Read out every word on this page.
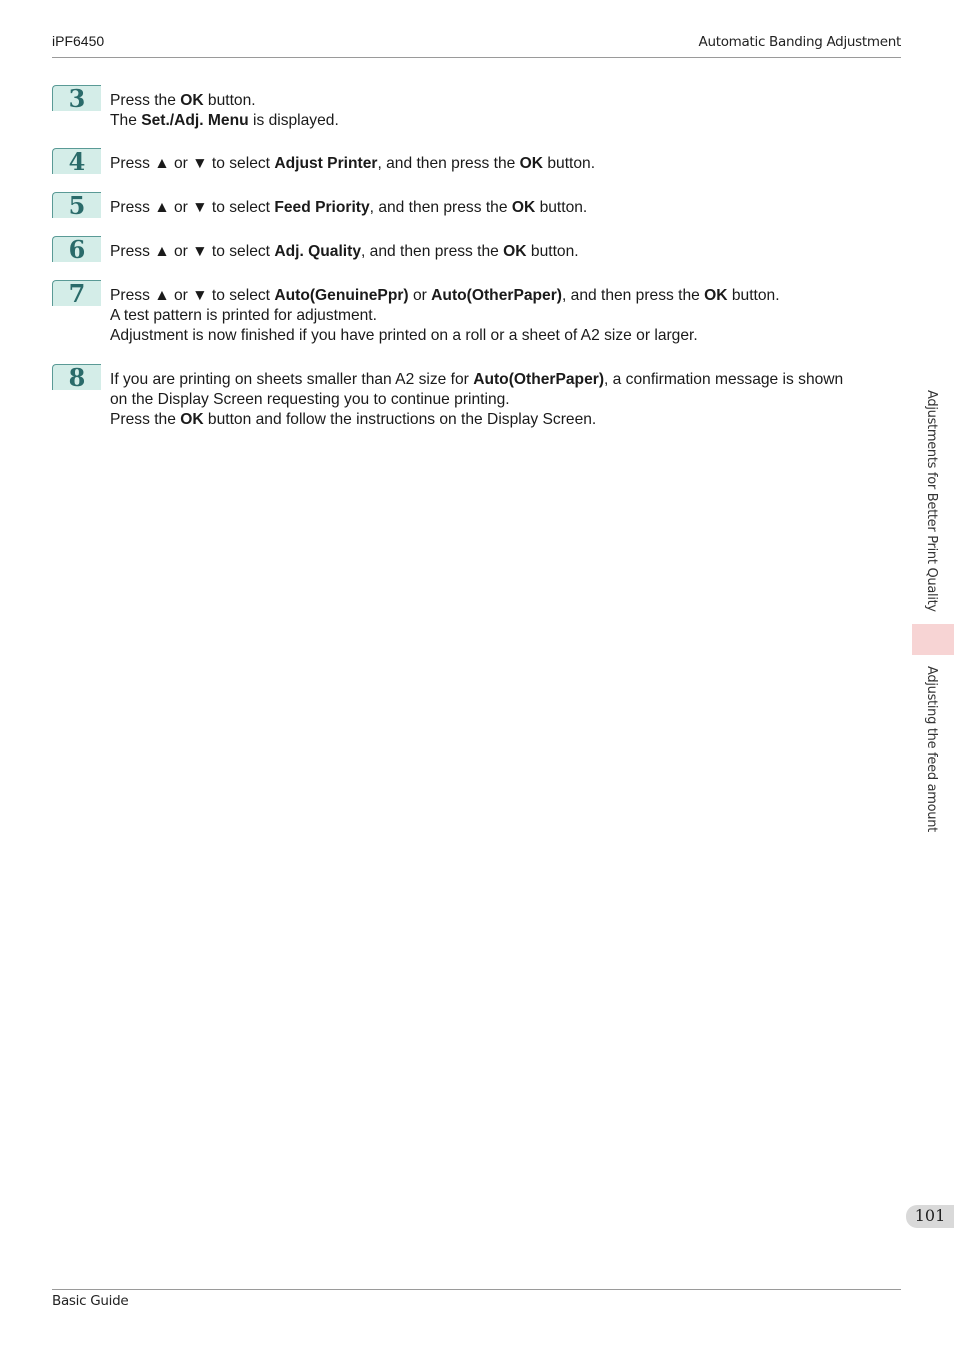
iPF6450	Automatic Banding Adjustment
3	Press the OK button.
The Set./Adj. Menu is displayed.
4	Press ▲ or ▼ to select Adjust Printer, and then press the OK button.
5	Press ▲ or ▼ to select Feed Priority, and then press the OK button.
6	Press ▲ or ▼ to select Adj. Quality, and then press the OK button.
7	Press ▲ or ▼ to select Auto(GenuinePpr) or Auto(OtherPaper), and then press the OK button.
A test pattern is printed for adjustment.
Adjustment is now finished if you have printed on a roll or a sheet of A2 size or larger.
8	If you are printing on sheets smaller than A2 size for Auto(OtherPaper), a confirmation message is shown
on the Display Screen requesting you to continue printing.
Press the OK button and follow the instructions on the Display Screen.	Adjustments for Better Print Quality
Adjusting the feed amount
101
Basic Guide
